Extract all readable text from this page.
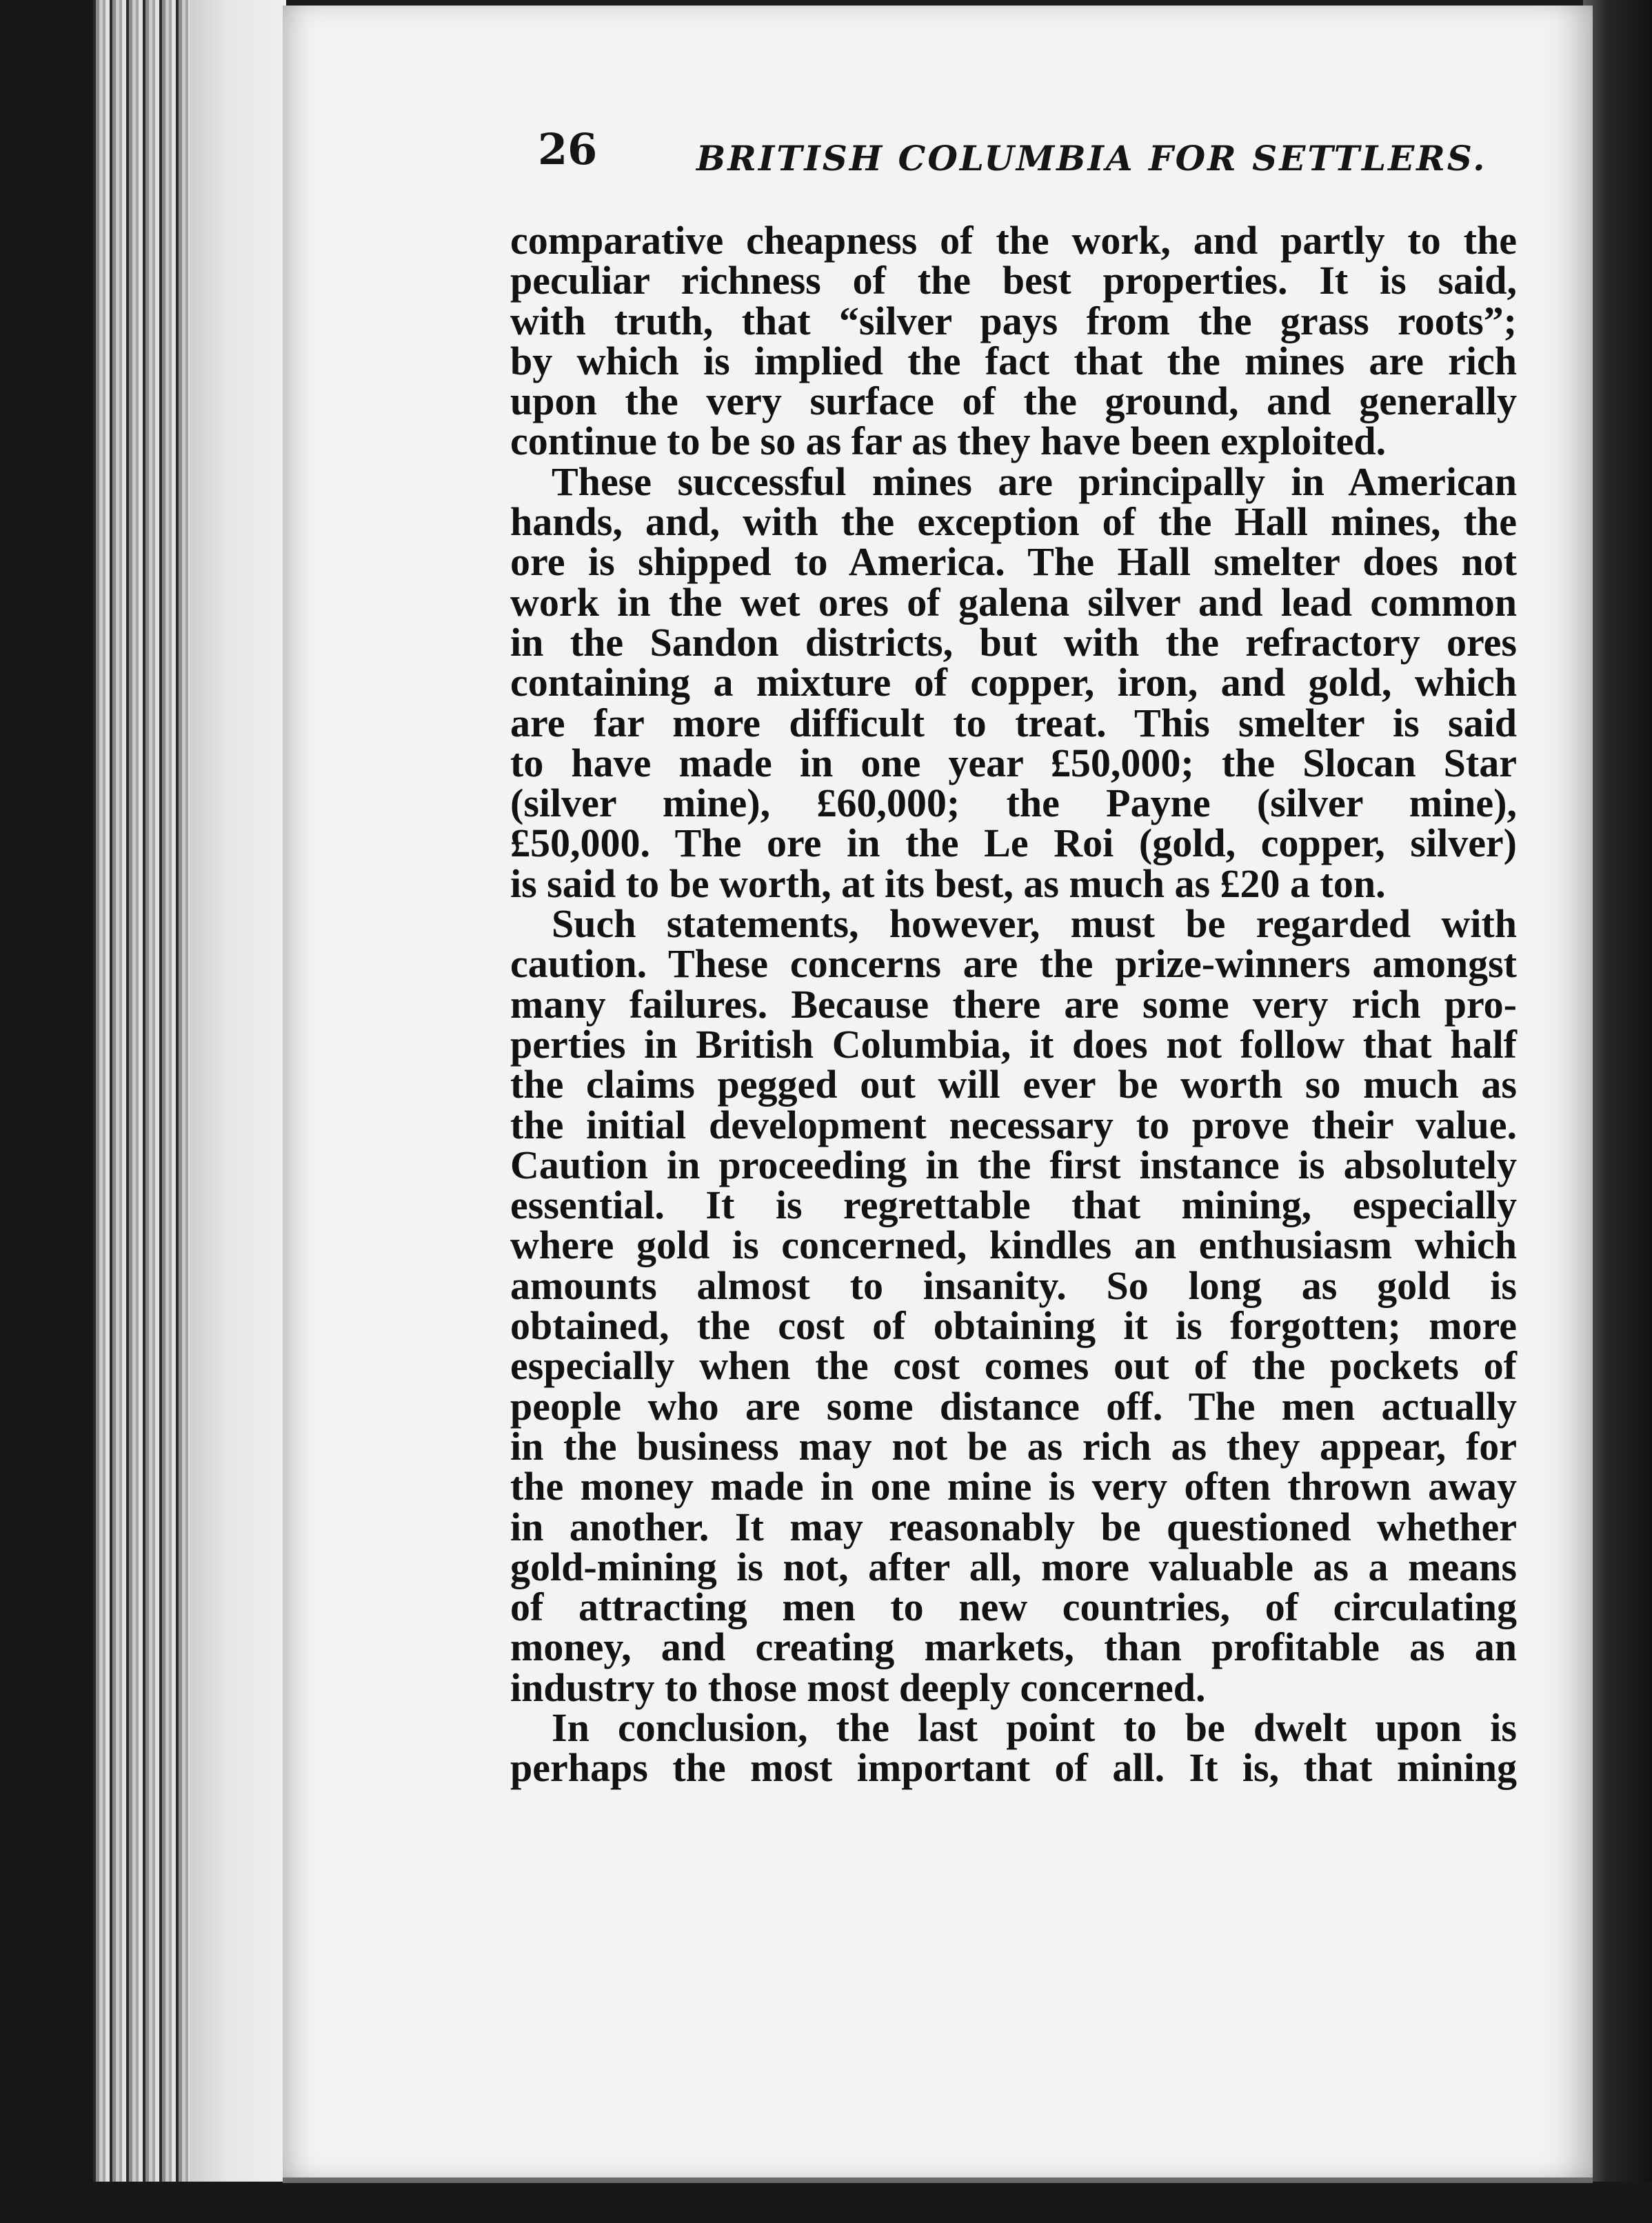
26	BRITISH COLUMBIA FOR SETTLERS.
comparative cheapness of the work, and partly to the
peculiar richness of the best properties. It is said,
with truth, that “silver pays from the grass roots”;
by which is implied the fact that the mines are rich
upon the very surface of the ground, and generally
continue to be so as far as they have been exploited.
These successful mines are principally in American
hands, and, with the exception of the Hall mines, the
ore is shipped to America. The Hall smelter does not
work in the wet ores of galena silver and lead common
in the Sandon districts, but with the refractory ores
containing a mixture of copper, iron, and gold, which
are far more difficult to treat. This smelter is said
to have made in one year £50,000; the Slocan Star
(silver mine), £60,000; the Payne (silver mine),
£50,000. The ore in the Le Roi (gold, copper, silver)
is said to be worth, at its best, as much as £20 a ton.
Such statements, however, must be regarded with
caution. These concerns are the prize-winners amongst
many failures. Because there are some very rich pro-
perties in British Columbia, it does not follow that half
the claims pegged out will ever be worth so much as
the initial development necessary to prove their value.
Caution in proceeding in the first instance is absolutely
essential. It is regrettable that mining, especially
where gold is concerned, kindles an enthusiasm which
amounts almost to insanity. So long as gold is
obtained, the cost of obtaining it is forgotten; more
especially when the cost comes out of the pockets of
people who are some distance off. The men actually
in the business may not be as rich as they appear, for
the money made in one mine is very often thrown away
in another. It may reasonably be questioned whether
gold-mining is not, after all, more valuable as a means
of attracting men to new countries, of circulating
money, and creating markets, than profitable as an
industry to those most deeply concerned.
In conclusion, the last point to be dwelt upon is
perhaps the most important of all. It is, that mining
